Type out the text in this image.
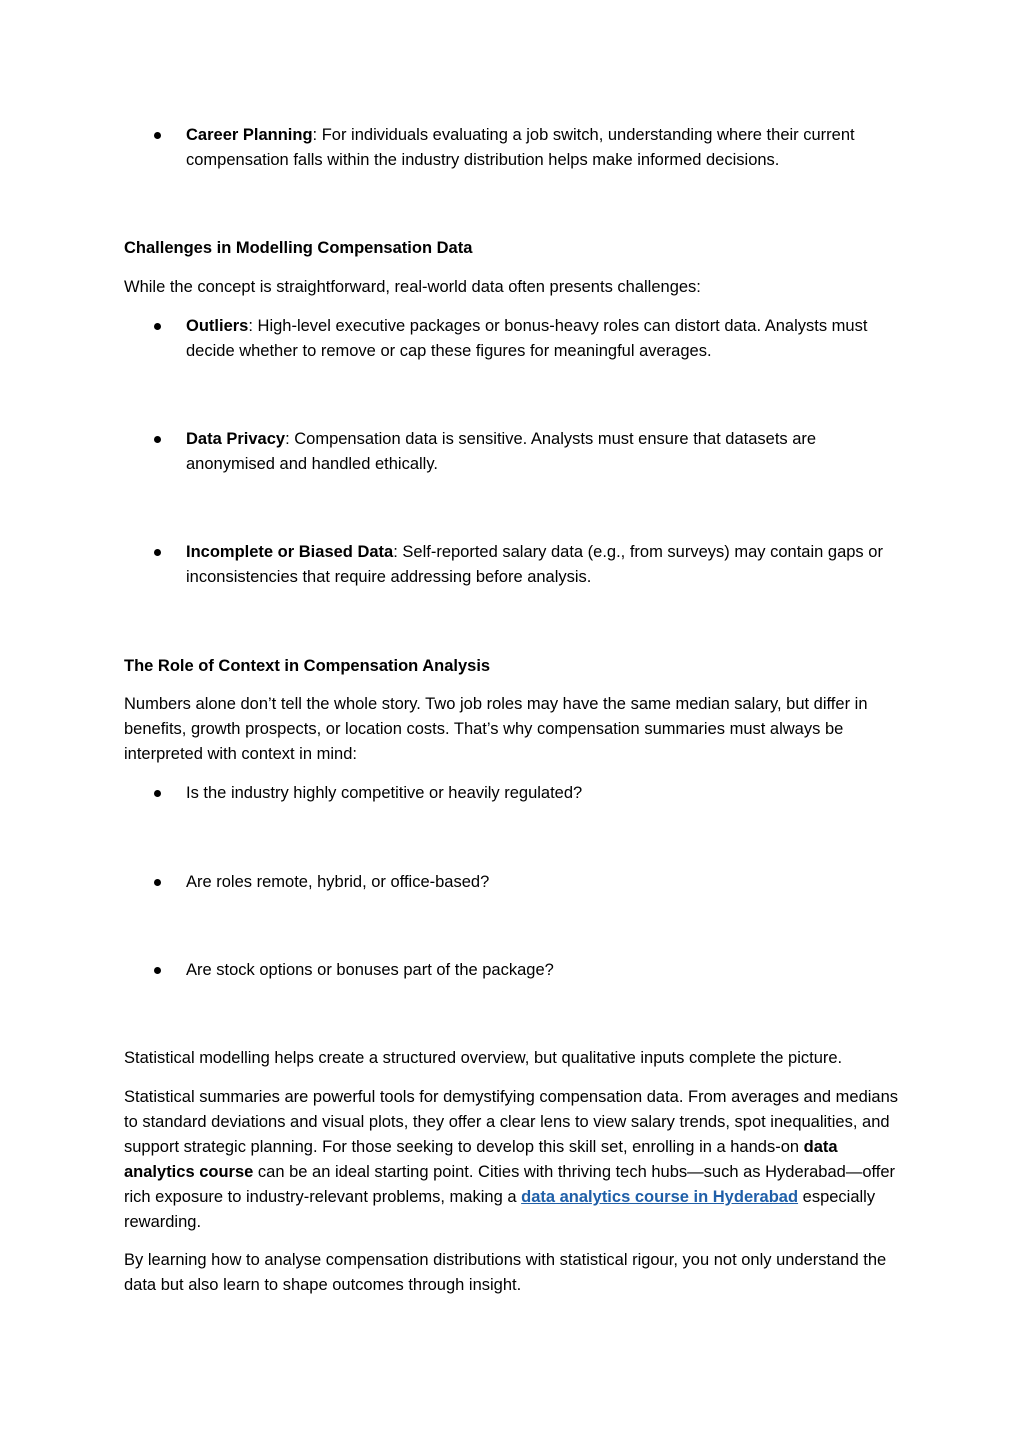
Career Planning: For individuals evaluating a job switch, understanding where their current compensation falls within the industry distribution helps make informed decisions.

Challenges in Modelling Compensation Data

While the concept is straightforward, real-world data often presents challenges:

Outliers: High-level executive packages or bonus-heavy roles can distort data. Analysts must decide whether to remove or cap these figures for meaningful averages.
Data Privacy: Compensation data is sensitive. Analysts must ensure that datasets are anonymised and handled ethically.
Incomplete or Biased Data: Self-reported salary data (e.g., from surveys) may contain gaps or inconsistencies that require addressing before analysis.

The Role of Context in Compensation Analysis

Numbers alone don’t tell the whole story. Two job roles may have the same median salary, but differ in benefits, growth prospects, or location costs. That’s why compensation summaries must always be interpreted with context in mind:

Is the industry highly competitive or heavily regulated?
Are roles remote, hybrid, or office-based?
Are stock options or bonuses part of the package?

Statistical modelling helps create a structured overview, but qualitative inputs complete the picture.

Statistical summaries are powerful tools for demystifying compensation data. From averages and medians to standard deviations and visual plots, they offer a clear lens to view salary trends, spot inequalities, and support strategic planning. For those seeking to develop this skill set, enrolling in a hands-on data analytics course can be an ideal starting point. Cities with thriving tech hubs—such as Hyderabad—offer rich exposure to industry-relevant problems, making a data analytics course in Hyderabad especially rewarding.

By learning how to analyse compensation distributions with statistical rigour, you not only understand the data but also learn to shape outcomes through insight.
